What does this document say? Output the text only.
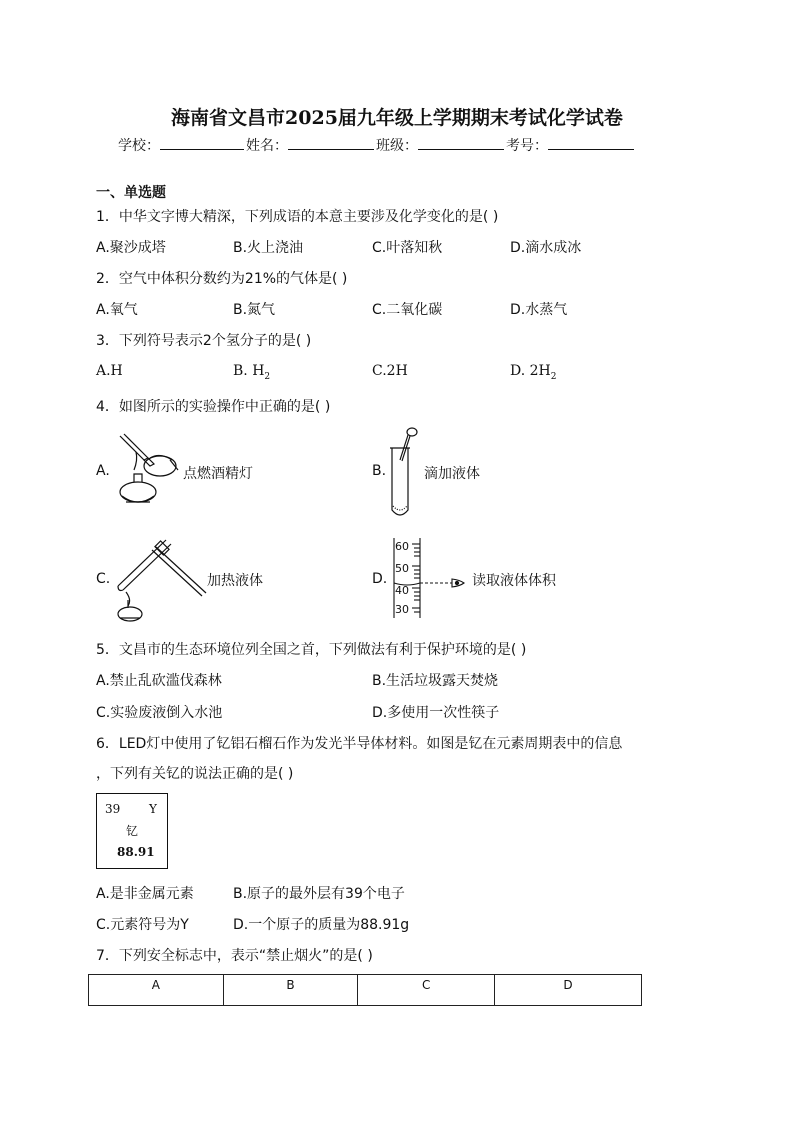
海南省文昌市2025届九年级上学期期末考试化学试卷
学校：	姓名：	班级：	考号：
一、单选题
1．中华文字博大精深，下列成语的本意主要涉及化学变化的是( )
A.聚沙成塔	B.火上浇油	C.叶落知秋	D.滴水成冰
2．空气中体积分数约为21%的气体是( )
A.氧气	B.氮气	C.二氧化碳	D.水蒸气
3．下列符号表示2个氢分子的是( )
A.H	B. $H_2$	C.2H	D. $2H_2$
4．如图所示的实验操作中正确的是( )
A.	点燃酒精灯	B.	滴加液体
C.	加热液体	D.
60
50
40
30
读取液体体积
5．文昌市的生态环境位列全国之首，下列做法有利于保护环境的是( )
A.禁止乱砍滥伐森林	B.生活垃圾露天焚烧
C.实验废液倒入水池	D.多使用一次性筷子
6．LED灯中使用了钇铝石榴石作为发光半导体材料。如图是钇在元素周期表中的信息
，下列有关钇的说法正确的是( )
39 Y
钇
88.91
A.是非金属元素	B.原子的最外层有39个电子
C.元素符号为Y	D.一个原子的质量为88.91g
7．下列安全标志中，表示“禁止烟火”的是( )
A	B	C	D
